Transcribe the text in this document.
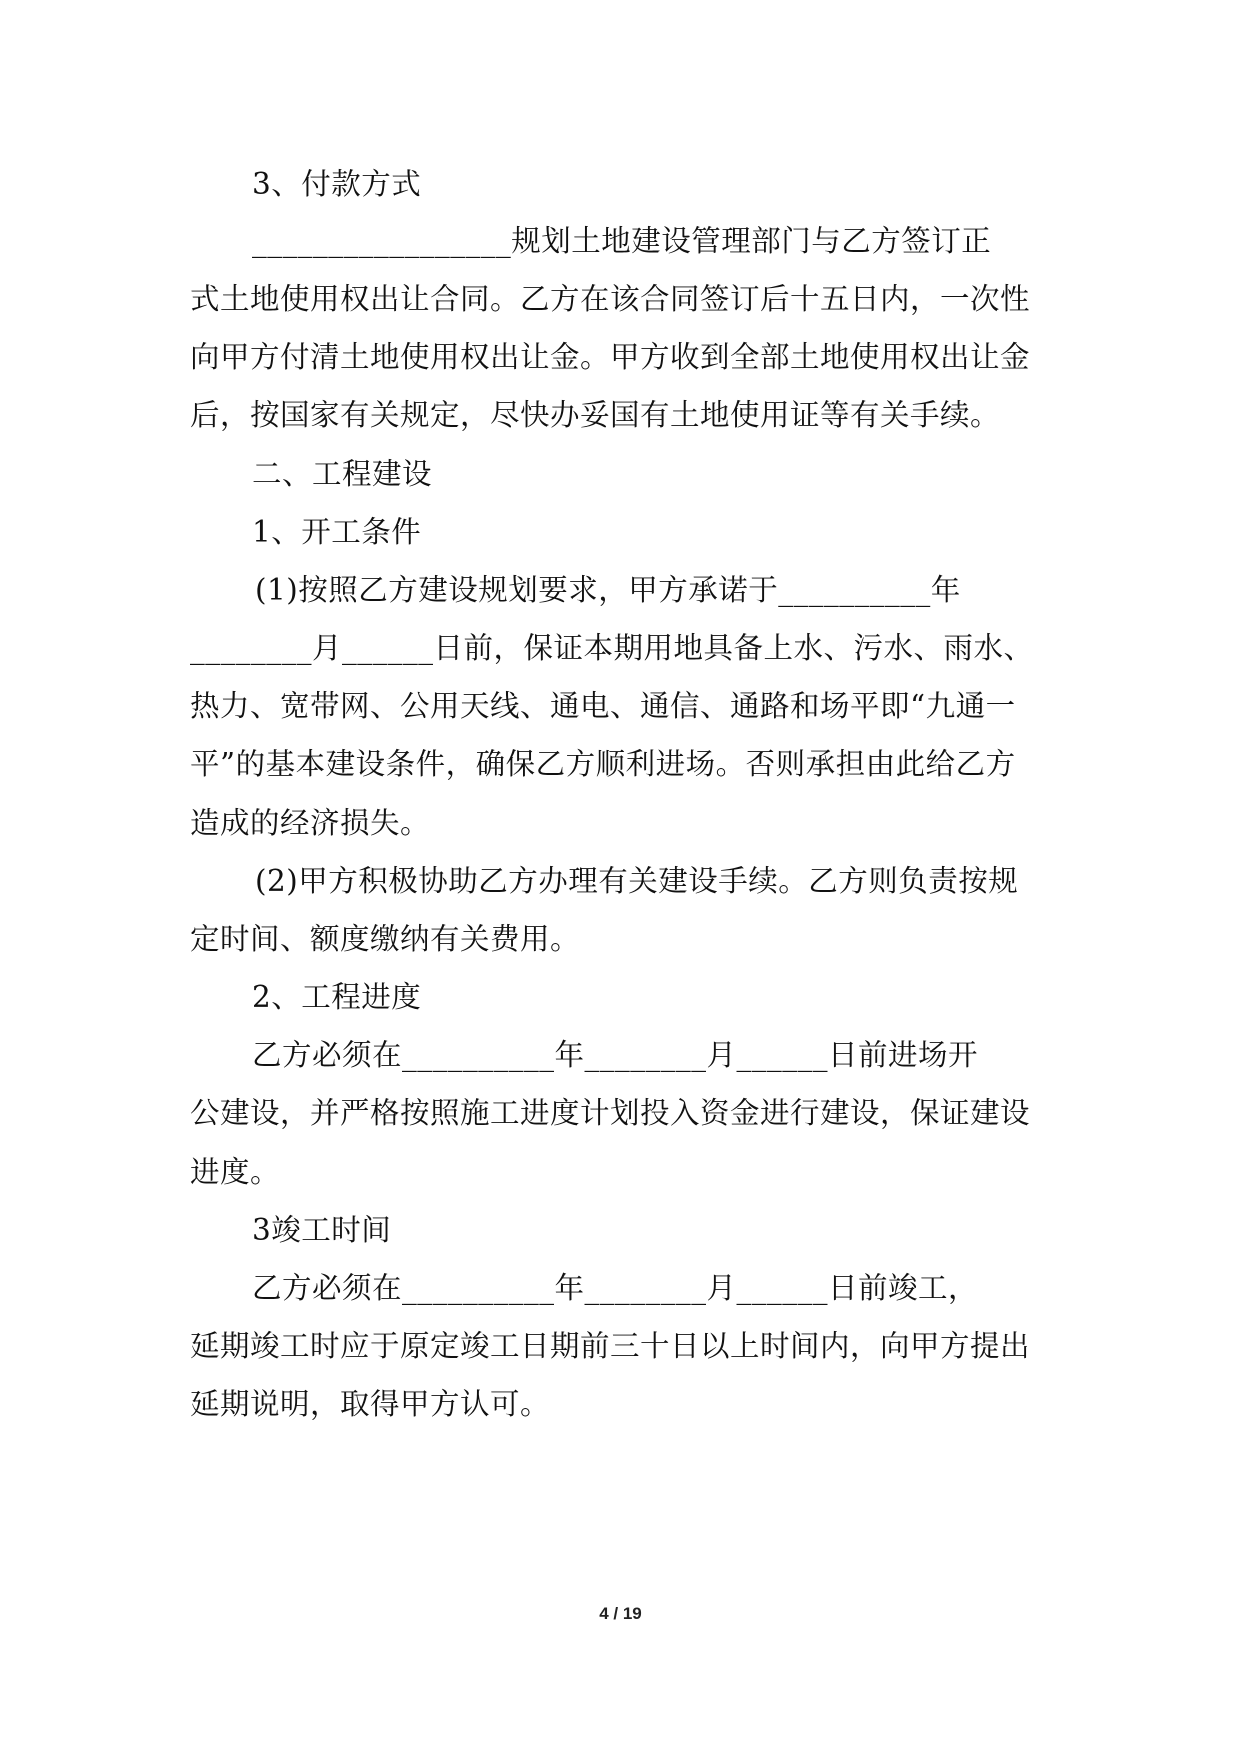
3、付款方式

_________________规划土地建设管理部门与乙方签订正

式土地使用权出让合同。乙方在该合同签订后十五日内，一次性

向甲方付清土地使用权出让金。甲方收到全部土地使用权出让金

后，按国家有关规定，尽快办妥国有土地使用证等有关手续。

二、工程建设

1、开工条件

(1)按照乙方建设规划要求，甲方承诺于__________年

________月______日前，保证本期用地具备上水、污水、雨水、

热力、宽带网、公用天线、通电、通信、通路和场平即“九通一

平”的基本建设条件，确保乙方顺利进场。否则承担由此给乙方

造成的经济损失。

(2)甲方积极协助乙方办理有关建设手续。乙方则负责按规

定时间、额度缴纳有关费用。

2、工程进度

乙方必须在__________年________月______日前进场开

公建设，并严格按照施工进度计划投入资金进行建设，保证建设

进度。

3竣工时间

乙方必须在__________年________月______日前竣工，

延期竣工时应于原定竣工日期前三十日以上时间内，向甲方提出

延期说明，取得甲方认可。

4 / 19
